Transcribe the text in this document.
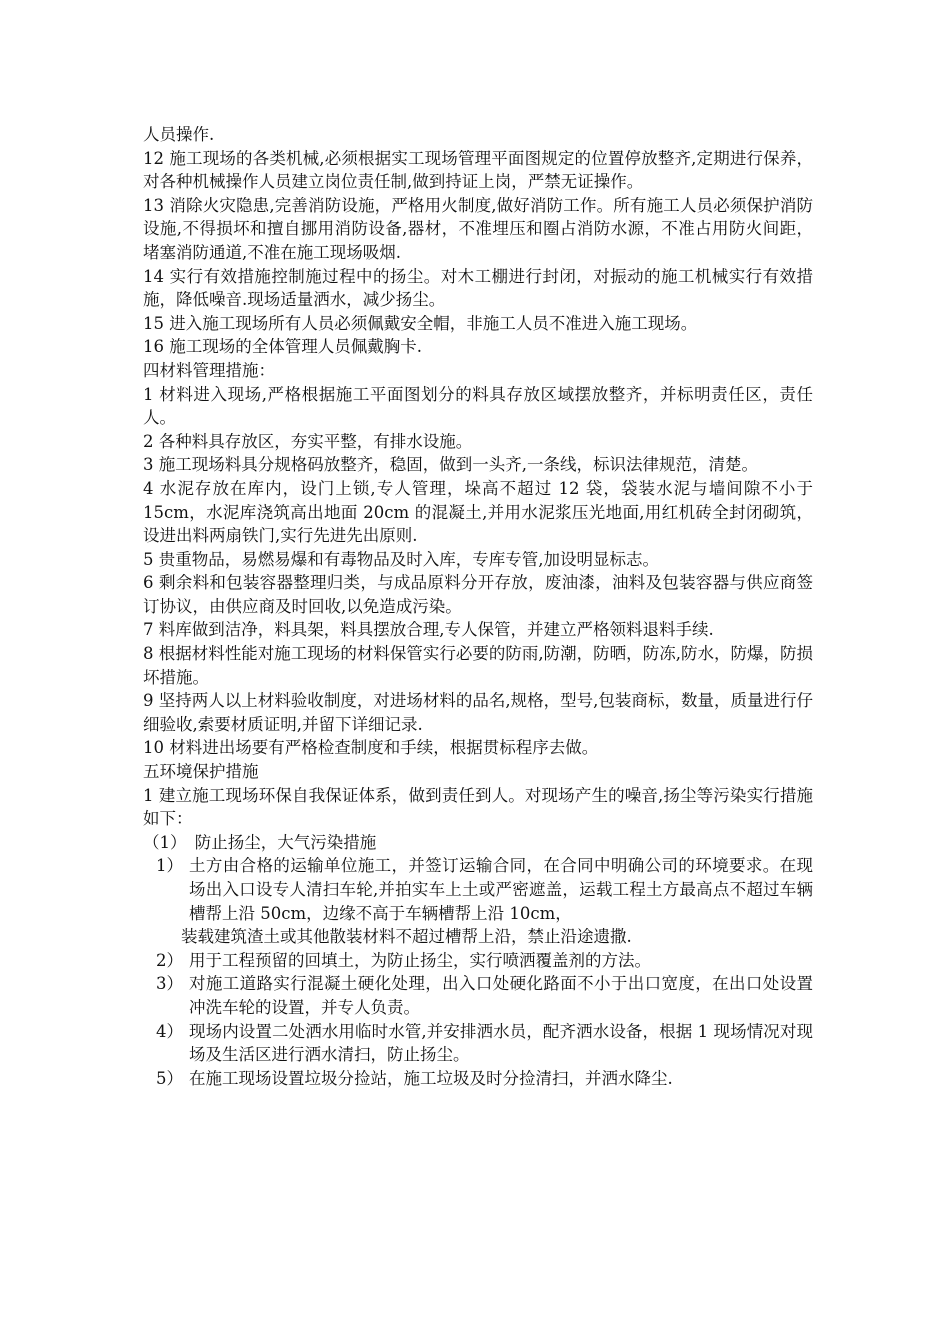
人员操作.
12 施工现场的各类机械,必须根据实工现场管理平面图规定的位置停放整齐,定期进行保养，对各种机械操作人员建立岗位责任制,做到持证上岗，严禁无证操作。
13 消除火灾隐患,完善消防设施，严格用火制度,做好消防工作。所有施工人员必须保护消防设施,不得损坏和擅自挪用消防设备,器材，不准埋压和圈占消防水源，不准占用防火间距，堵塞消防通道,不准在施工现场吸烟.
14 实行有效措施控制施过程中的扬尘。对木工棚进行封闭，对振动的施工机械实行有效措施，降低噪音.现场适量洒水，减少扬尘。
15 进入施工现场所有人员必须佩戴安全帽，非施工人员不准进入施工现场。
16 施工现场的全体管理人员佩戴胸卡.
四材料管理措施：
1 材料进入现场,严格根据施工平面图划分的料具存放区域摆放整齐，并标明责任区，责任人。
2 各种料具存放区，夯实平整，有排水设施。
3 施工现场料具分规格码放整齐，稳固，做到一头齐,一条线，标识法律规范，清楚。
4 水泥存放在库内，设门上锁,专人管理，垛高不超过 12 袋，袋装水泥与墙间隙不小于 15cm，水泥库浇筑高出地面 20cm 的混凝土,并用水泥浆压光地面,用红机砖全封闭砌筑，设进出料两扇铁门,实行先进先出原则.
5 贵重物品，易燃易爆和有毒物品及时入库，专库专管,加设明显标志。
6 剩余料和包装容器整理归类，与成品原料分开存放，废油漆，油料及包装容器与供应商签订协议，由供应商及时回收,以免造成污染。
7 料库做到洁净，料具架，料具摆放合理,专人保管，并建立严格领料退料手续.
8 根据材料性能对施工现场的材料保管实行必要的防雨,防潮，防晒，防冻,防水，防爆，防损坏措施。
9 坚持两人以上材料验收制度，对进场材料的品名,规格，型号,包装商标，数量，质量进行仔细验收,索要材质证明,并留下详细记录.
10 材料进出场要有严格检查制度和手续，根据贯标程序去做。
五环境保护措施
1 建立施工现场环保自我保证体系，做到责任到人。对现场产生的噪音,扬尘等污染实行措施如下：
（1）　防止扬尘，大气污染措施
1） 土方由合格的运输单位施工，并签订运输合同，在合同中明确公司的环境要求。在现场出入口设专人清扫车轮,并拍实车上土或严密遮盖，运载工程土方最高点不超过车辆槽帮上沿 50cm，边缘不高于车辆槽帮上沿 10cm，
装载建筑渣土或其他散装材料不超过槽帮上沿，禁止沿途遗撒.
2） 用于工程预留的回填土，为防止扬尘，实行喷洒覆盖剂的方法。
3） 对施工道路实行混凝土硬化处理，出入口处硬化路面不小于出口宽度，在出口处设置冲洗车轮的设置，并专人负责。
4） 现场内设置二处洒水用临时水管,并安排洒水员，配齐洒水设备，根据 1 现场情况对现场及生活区进行洒水清扫，防止扬尘。
5） 在施工现场设置垃圾分捡站，施工垃圾及时分捡清扫，并洒水降尘.
